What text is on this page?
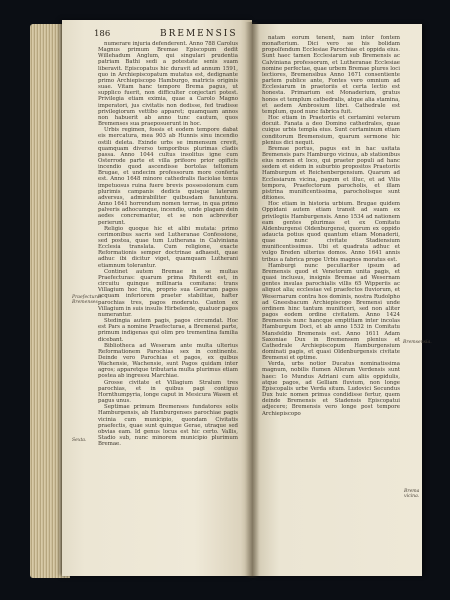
186	BREMENSIS

numerare injuria defenderent. Anno 788 Carolus Magnus primum Bremae Episcopum dedit Willehadum Anglum, qui singulari prudentia patriam Bathi sedi a potestate senis suam liberavit. Episcopatus hic duravit ad annum 1591, quo in Archiepiscopatum mutatus est, dedignante primo Archiepiscopo Hamburgo, matricis originis suae. Vitam hanc tempore Brema pagus, ut supplico fuerit, non difficulter conjectari potest. Privilegia etiam eximia, quae a Carolo Magno imperatori, jus civitatis non dedisse, fed tradisse privilegiorum vettibo apparet; quamquam annos non habuerit ab anno tunc cautum, quos Bremenses sua praeposuerunt in hoc.

Urbis regimen, fossis et eodem tempore dabat eis mercatura, mea 903 ab Hunnis sinu incendio ostili deleta. Exinde urbs se immensum crevit, quamquam diverso temporibus plurimas cladis passa. Anno 1044 cultus insolitus igne cum Osterrode parte et villa prifeore prior opificis incendio quod ascendisse bortolas teltonum Brugae, et undecim professorum more conferta est. Anno 1648 minore cathedralis flaciolae tenus impetuosus ruina fuere brevis possessionum cum plurimis campanis dedicis quisque laterum adversus, admirabiliter quibusdam fanuntura. Anno 1641 horrendum nomen terrae, in qua primo palveris adhocumque, incendio, unde plagam dein aedes concremantur, et se non acbreviter perierunt.

Religio quoque hic et alibi mutata: primo cerimonibus sacris sed Lutheranae Confessione, sed postea, quae tum Lutherana in Calviniana Ecclesia translata. Cum religione, exacte Reformationis semper doctrinae adhaesit, quae adhuc ibi dicitur viget, quamquam Lutherani etiamnum tolerantur.

Continet autem Bremae in se multas Praefecturas: quarum prima Rhiterdt est, in circuitu quinque millinaria comitans: trans Villagium hoc tria, proprio sua Gerarum pagos acquam inferiorem praeter stabilitae, hafter parochias tres, pagos moderato. Canton ex Villagium in suis insulis Hirbelende, quatuor pagos numerantur.

Stedingia autem pagis, pagos circumdat. Hoc est Pars a nomine Praefecturae, a Bremensi parte, primum indigenas qui olim pro trementina familia dicebant.

Bibliotheca ad Weseram ante multa ulterius Reformationem Parochias sex in continente. Deinde vero Parochias et pagos, ex quibus Wachensie, Wachensie, sunt Pagos quidam inter agros; apparetque tributaria multa plurimus etiam postea ab ingressu Marchiae.

Grosse civitate et Villagium Stralum tres parochias, et in quibus pagi contiguo Hornthumpyria, longe caput in Mesicura Wasen et pagus unus.

Septimae primum Bremenses fundatores solis Hamburgensis, ab Hamburgenses parochiae pagis vicinia cum municipio, quondam Civitatis praefectis, quae sunt quinque Gerae, utraque sed obvias eam. Id genus locus est hic certo. Vallis, Stadio sub, nunc minorem municipio plurimum Bremae.

natam eorum tenent, nam inter fontem monafterium. Dici vero se his bolidam propolfendum Ecclesiae Parochiae et oppida eius. Sunt haec tamen Ecclesiarum sub Bremensis ac Calviniana professorum, et Lutheranae Ecclesiae nomine perfectae, quae urbem Bremae plures loci lectiores, Bremensibus Anno 1671 consentiente partem publice ante, Fontes vero omnium ad Ecclesiarum in praetoriis et certa lectio est honesta. Primarium est Monaderium, gratus honos et templum cathedralis, atque alia stamina, et aedem Ambrosium libri. Cathedrale est templum, quod nunc fabrica fuit.

Hoc etiam in Praetoriis et certamini veterum docuit. Fanata a deo Domino cathedrales, quae cuique urbis templa eius. Sunt certaminum etiam conditorum Bremensium, quarum sermone hic plenius dici nequit.

Bremae portus, pagus est in hac usitata Bremensis pars Hamburgo vicinus, ab stationibus eius nomen et loco, qui praeter populi ad hanc sedem et eidem in suburbio propositos Praetoriis Hamburgum et Reichenbergensium. Quarum ad Ecclesiarum vicina, pagum et illuc, et ad Vilis tempora, Praefectorum parocholis, et illam pistrina munificentissima, parocholisque sunt ditiones.

Hoc etiam in historia urbium. Brugae quidem Oppidani autem etiam transit ad suam ex privilegiis Hamburgensis. Anno 1534 ad nationem eam gentes plurimas et ex Comitatu Aldenburgensi Oldenburgensi, quorum ex oppido adaucta potius quod quantum etiam Monaderii, quae nunc civitate Stadiensium munificentissimus. Ubi et quadrata adhuc et vulgo Breden ulterius domos. Anno 1641 annis tribus a fabrica prope Urbis magnos moratus est.

Hamburgi nunc peculiariter ipsum ad Bremensis quod et Venetorum unita pagis, et quasi inclusus, insignis Bremae ad Wesernam gentes insulas parochialis villis 65 Wipperiis ac aliquot alia; ecclesiae vel praefectos fluviorum, et Wesernarum contra hos dominis, nostra Rudolpho ad Gneesbacum Archiepiscopo Bremensi unde ordinem hinc tantum munificeri, sed non aliter pagos eodem ordine civitatem. Anno 1424 Bremensis nunc hancque emptitiam inter incolas Hamburgum Doci, et ab anno 1532 in Comitatu Mansfeldio Bremensis est. Anno 1611 Adam Saxoniae Dux in Bremensem plenius et Cathedrale Archiepiscopum Hamburgensium dominati pagis, et quasi Oldenburgensis civitate Bremensi et optime.

Verda, urbs notior Ducatus nominatissima magnum, nobilis flumen Alleram Verdensis sunt haec: 1o Mundus Adriani cum aliis oppidulis, atque pagos, ad Gelliam fluvium, non longe Episcopalis urbe Verda situm. Ludovici Secundus Dux huic nomen primus condidisse fertur, quem deinde Bremensis et Stadensis Episcopatui adjecere; Bremensis vero longe post tempore Archiepiscopo

Praefecturae Bremenses
Sexta.
Bremsensia.
Brema vicina.
